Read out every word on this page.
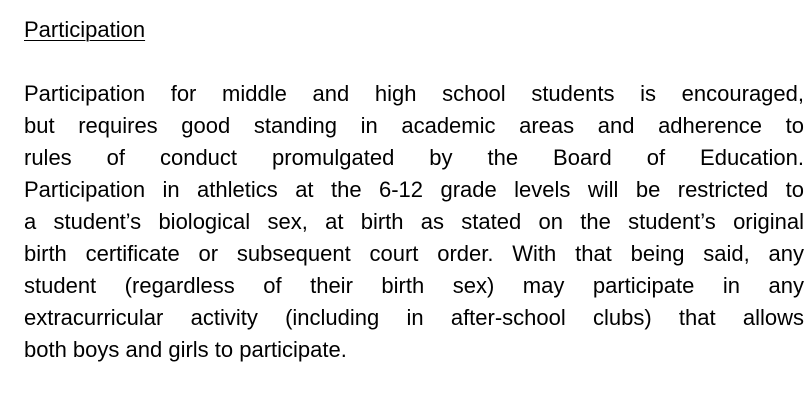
Participation
Participation for middle and high school students is encouraged,
but requires good standing in academic areas and adherence to
rules of conduct promulgated by the Board of Education.
Participation in athletics at the 6-12 grade levels will be restricted to
a student’s biological sex, at birth as stated on the student’s original
birth certificate or subsequent court order. With that being said, any
student (regardless of their birth sex) may participate in any
extracurricular activity (including in after-school clubs) that allows
both boys and girls to participate.
